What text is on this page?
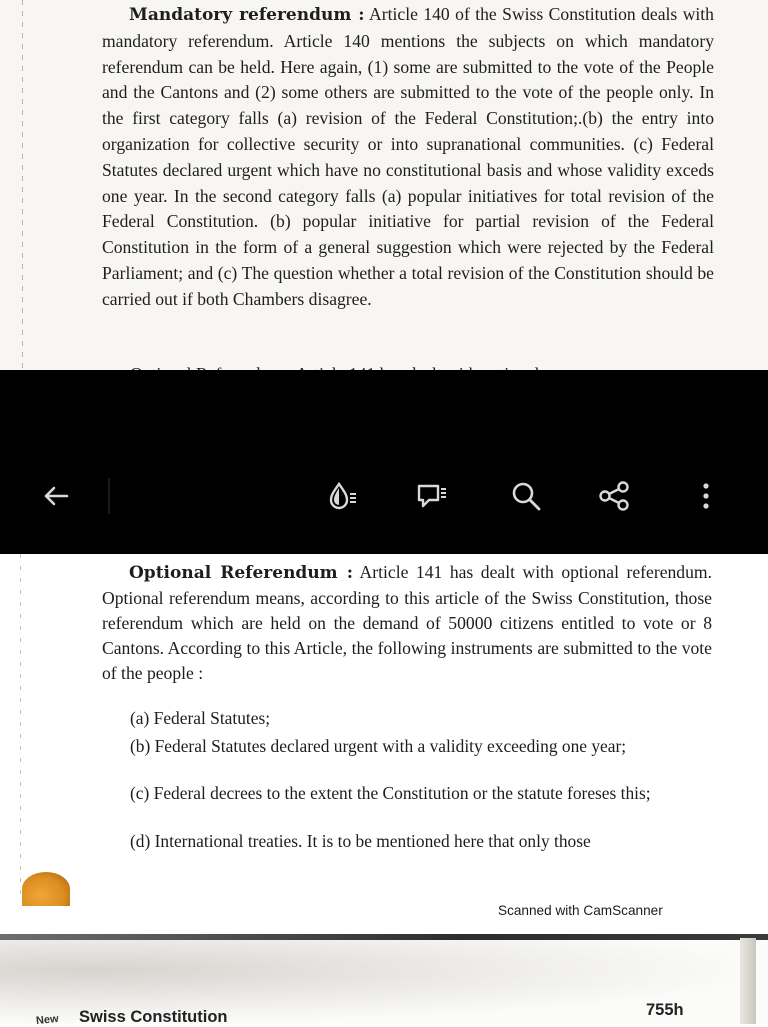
Mandatory referendum : Article 140 of the Swiss Constitution deals with mandatory referendum. Article 140 mentions the subjects on which mandatory referendum can be held. Here again, (1) some are submitted to the vote of the People and the Cantons and (2) some others are submitted to the vote of the people only. In the first category falls (a) revision of the Federal Constitution;.(b) the entry into organization for collective security or into supranational communities. (c) Federal Statutes declared urgent which have no constitutional basis and whose validity exceds one year. In the second category falls (a) popular initiatives for total revision of the Federal Constitution. (b) popular initiative for partial revision of the Federal Constitution in the form of a general suggestion which were rejected by the Federal Parliament; and (c) The question whether a total revision of the Constitution should be carried out if both Chambers disagree.

Optional Referendum : Article 141 has dealt with optional referendum. Optional referendum means, according to this article of the Swiss Constitution, those referendum which are held on the demand of 50000 citizens entitled to vote or 8 Cantons. According to this Article, the following instruments are submitted to the vote of the people :

(a) Federal Statutes;

(b) Federal Statutes declared urgent with a validity exceeding one year;

(c) Federal decrees to the extent the Constitution or the statute foreses this;

(d) International treaties. It is to be mentioned here that only those

Scanned with CamScanner
New Swiss Constitution	755h
